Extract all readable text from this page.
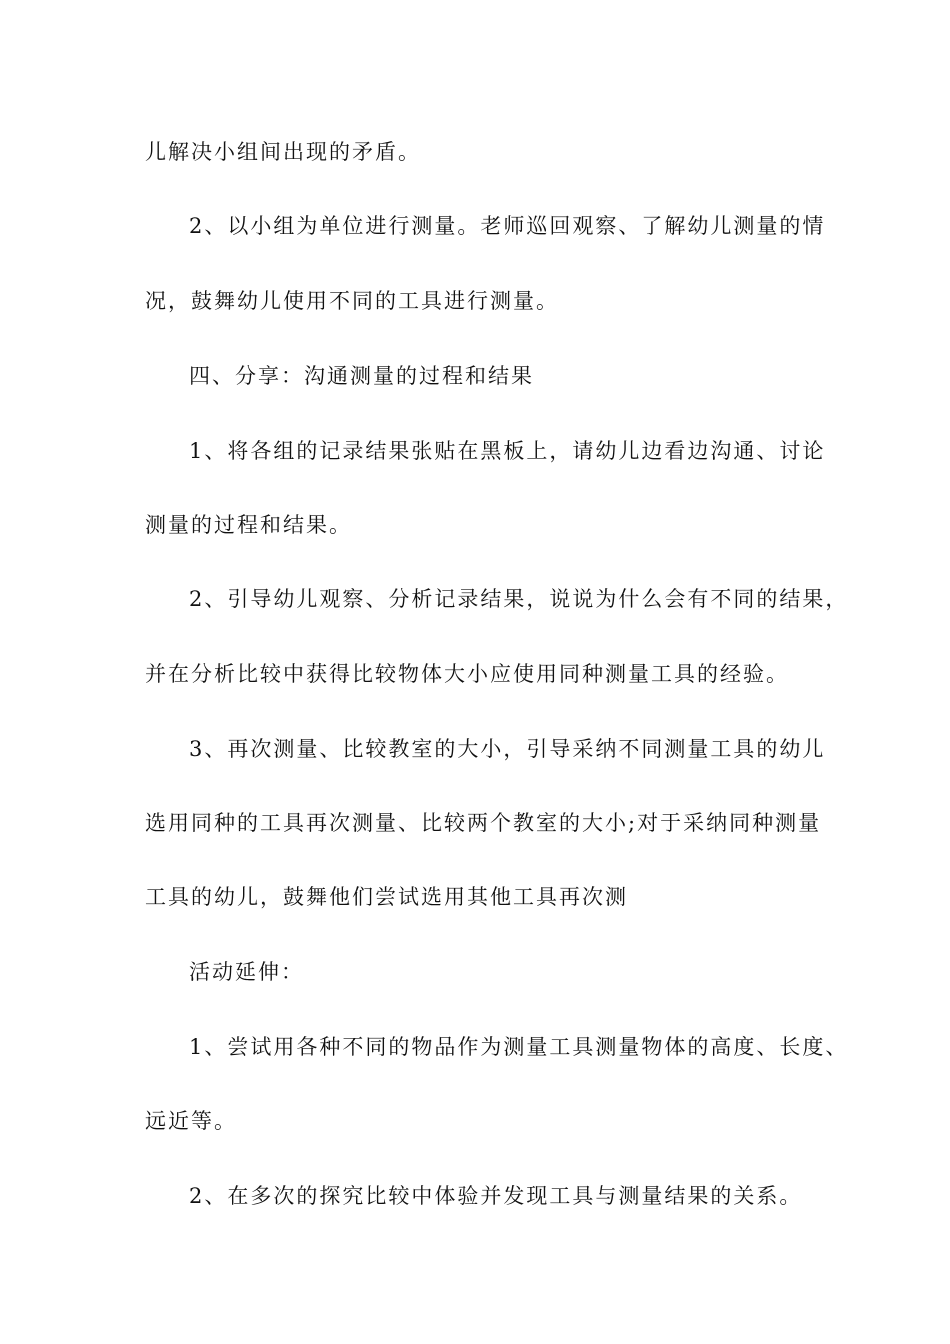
儿解决小组间出现的矛盾。
2、以小组为单位进行测量。老师巡回观察、了解幼儿测量的情
况，鼓舞幼儿使用不同的工具进行测量。
四、分享：沟通测量的过程和结果
1、将各组的记录结果张贴在黑板上，请幼儿边看边沟通、讨论
测量的过程和结果。
2、引导幼儿观察、分析记录结果，说说为什么会有不同的结果，
并在分析比较中获得比较物体大小应使用同种测量工具的经验。
3、再次测量、比较教室的大小，引导采纳不同测量工具的幼儿
选用同种的工具再次测量、比较两个教室的大小;对于采纳同种测量
工具的幼儿，鼓舞他们尝试选用其他工具再次测
活动延伸：
1、尝试用各种不同的物品作为测量工具测量物体的高度、长度、
远近等。
2、在多次的探究比较中体验并发现工具与测量结果的关系。
